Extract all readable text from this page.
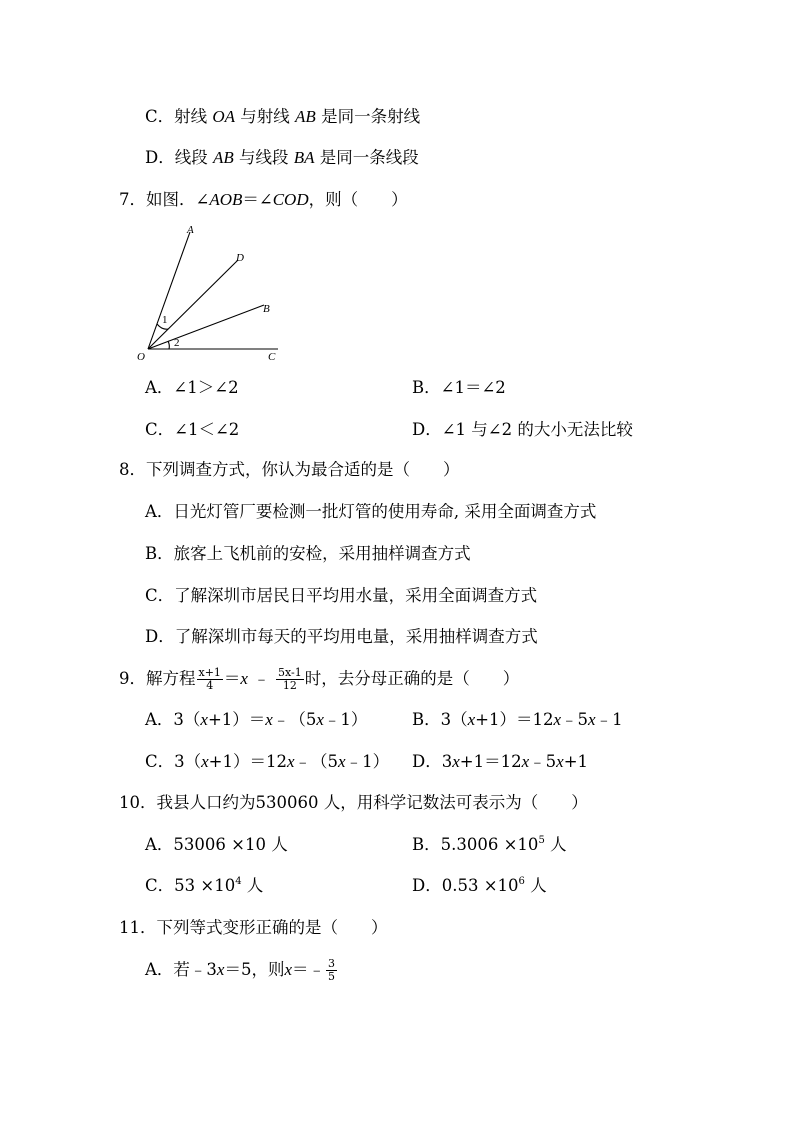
C．射线 OA 与射线 AB 是同一条射线
D．线段 AB 与线段 BA 是同一条线段
7．如图．∠AOB＝∠COD，则（　　）
A
D
B
O	C
1
2
A．∠1＞∠2	B．∠1＝∠2
C．∠1＜∠2	D．∠1 与∠2 的大小无法比较
8．下列调查方式，你认为最合适的是（　　）
A．日光灯管厂要检测一批灯管的使用寿命, 采用全面调查方式
B．旅客上飞机前的安检，采用抽样调查方式
C．了解深圳市居民日平均用水量，采用全面调查方式
D．了解深圳市每天的平均用电量，采用抽样调查方式
9．解方程 $\frac{x+1}{4} =x$ ﹣ $\frac{5x-1}{12}$ 时，去分母正确的是（　　）
A．3（x+1）＝x﹣（5x﹣1）	B．3（x+1）＝12x﹣5x﹣1
C．3（x+1）＝12x﹣（5x﹣1） D．3x+1＝12x﹣5x+1
10．我县人口约为530060 人，用科学记数法可表示为（　　）
A．53006 ×10 人	B．$5.3006 \times 10^5$ 人
C．$53 \times 10^4$ 人	D．$0.53 \times 10^6$ 人
11．下列等式变形正确的是（　　）
A．若﹣3x＝5，则x＝﹣ $\frac{3}{5}$
